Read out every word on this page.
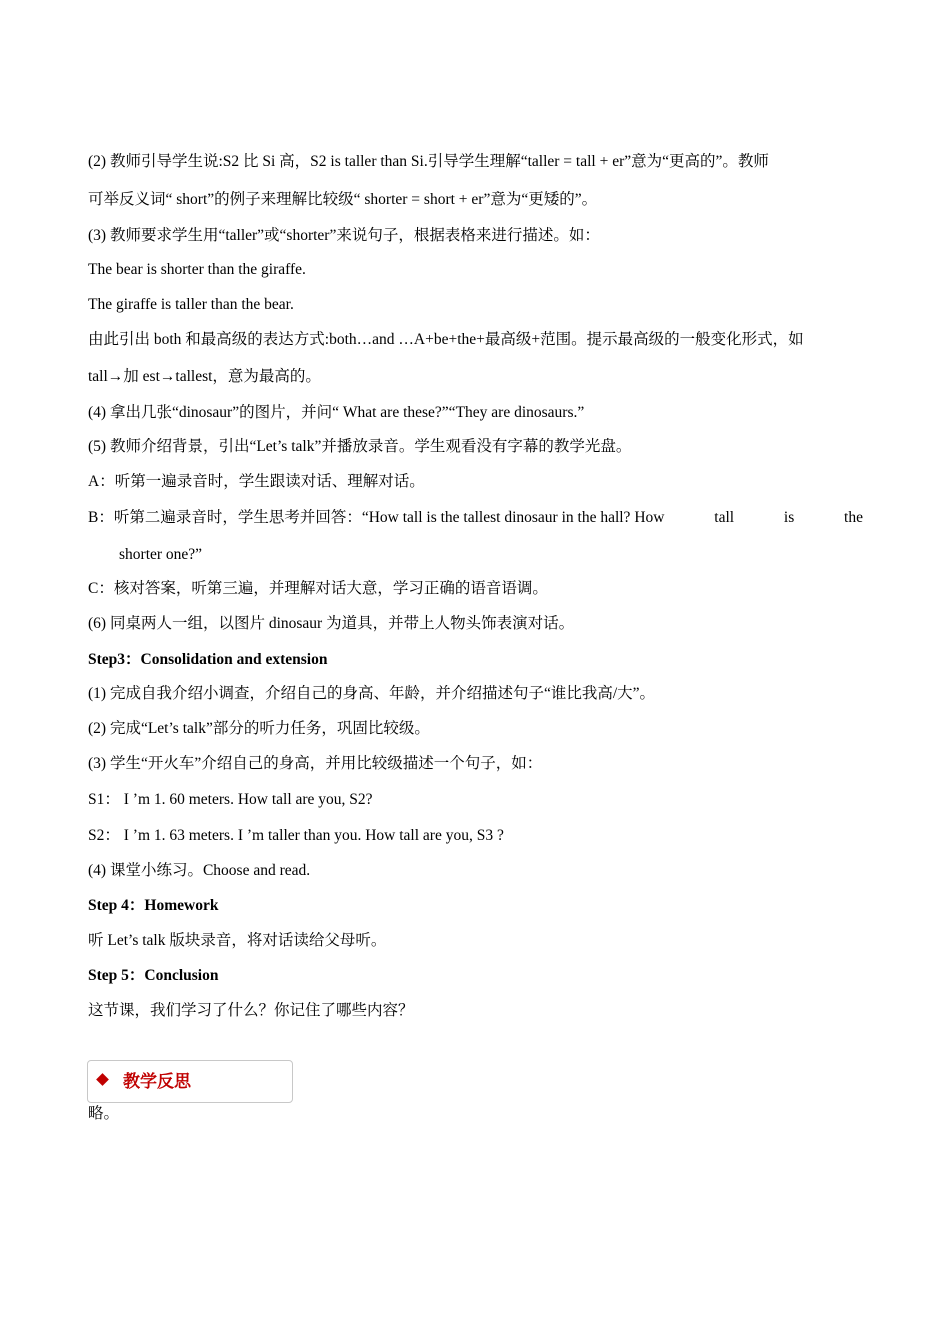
(2) 教师引导学生说:S2 比 Si 高，S2 is taller than Si.引导学生理解“taller = tall + er”意为“更高的”。教师
可举反义词“ short”的例子来理解比较级“ shorter = short + er”意为“更矮的”。
(3) 教师要求学生用“taller”或“shorter”来说句子，根据表格来进行描述。如：
The bear is shorter than the giraffe.
The giraffe is taller than the bear.
由此引出 both 和最高级的表达方式:both…and …A+be+the+最高级+范围。提示最高级的一般变化形式，如
tall→加 est→tallest，意为最高的。
(4) 拿出几张“dinosaur”的图片，并问“ What are these?”“They are dinosaurs.”
(5) 教师介绍背景，引出“Let’s talk”并播放录音。学生观看没有字幕的教学光盘。
A：听第一遍录音时，学生跟读对话、理解对话。
B：听第二遍录音时，学生思考并回答：“How tall is the tallest dinosaur in the hall? How	tall	is	the
shorter one?”
C：核对答案，听第三遍，并理解对话大意，学习正确的语音语调。
(6) 同桌两人一组，以图片 dinosaur 为道具，并带上人物头饰表演对话。
Step3：Consolidation and extension
(1) 完成自我介绍小调查，介绍自己的身高、年龄，并介绍描述句子“谁比我高/大”。
(2) 完成“Let’s talk”部分的听力任务，巩固比较级。
(3) 学生“开火车”介绍自己的身高，并用比较级描述一个句子，如：
S1： I ’m 1. 60 meters. How tall are you, S2?
S2： I ’m 1. 63 meters. I ’m taller than you. How tall are you, S3 ?
(4) 课堂小练习。Choose and read.
Step 4：Homework
听 Let’s talk 版块录音，将对话读给父母听。
Step 5：Conclusion
这节课，我们学习了什么？你记住了哪些内容？
教学反思
略。
